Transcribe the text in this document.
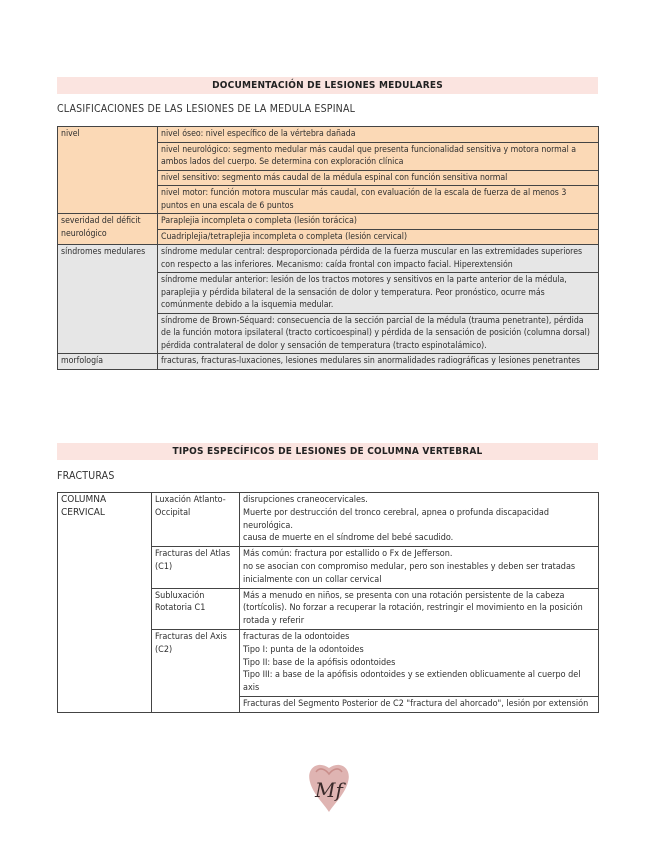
DOCUMENTACIÓN DE LESIONES MEDULARES
CLASIFICACIONES DE LAS LESIONES DE LA MEDULA ESPINAL
nivel	nivel óseo: nivel específico de la vértebra dañada
	nivel neurológico: segmento medular más caudal que presenta funcionalidad sensitiva y motora normal a ambos lados del cuerpo. Se determina con exploración clínica
	nivel sensitivo: segmento más caudal de la médula espinal con función sensitiva normal
	nivel motor: función motora muscular más caudal, con evaluación de la escala de fuerza de al menos 3 puntos en una escala de 6 puntos
severidad del déficit neurológico	Paraplejia incompleta o completa (lesión torácica)
	Cuadriplejia/tetraplejia incompleta o completa (lesión cervical)
síndromes medulares	síndrome medular central: desproporcionada pérdida de la fuerza muscular en las extremidades superiores con respecto a las inferiores. Mecanismo: caída frontal con impacto facial. Hiperextensión
	síndrome medular anterior: lesión de los tractos motores y sensitivos en la parte anterior de la médula, paraplejia y pérdida bilateral de la sensación de dolor y temperatura. Peor pronóstico, ocurre más comúnmente debido a la isquemia medular.
	síndrome de Brown-Séquard: consecuencia de la sección parcial de la médula (trauma penetrante), pérdida de la función motora ipsilateral (tracto corticoespinal) y pérdida de la sensación de posición (columna dorsal) pérdida contralateral de dolor y sensación de temperatura (tracto espinotalámico).
morfología	fracturas, fracturas-luxaciones, lesiones medulares sin anormalidades radiográficas y lesiones penetrantes
TIPOS ESPECÍFICOS DE LESIONES DE COLUMNA VERTEBRAL
FRACTURAS
COLUMNA CERVICAL	Luxación Atlanto-Occipital	disrupciones craneocervicales.
Muerte por destrucción del tronco cerebral, apnea o profunda discapacidad neurológica.
causa de muerte en el síndrome del bebé sacudido.

	Fracturas del Atlas (C1)	Más común: fractura por estallido o Fx de Jefferson.
no se asocian con compromiso medular, pero son inestables y deben ser tratadas inicialmente con un collar cervical

	Subluxación Rotatoria C1	Más a menudo en niños, se presenta con una rotación persistente de la cabeza (tortícolis). No forzar a recuperar la rotación, restringir el movimiento en la posición rotada y referir

	Fracturas del Axis (C2)	fracturas de la odontoides
Tipo I: punta de la odontoides
Tipo II: base de la apófisis odontoides
Tipo III: a base de la apófisis odontoides y se extienden oblicuamente al cuerpo del axis

		Fracturas del Segmento Posterior de C2 "fractura del ahorcado", lesión por extensión
Mf
